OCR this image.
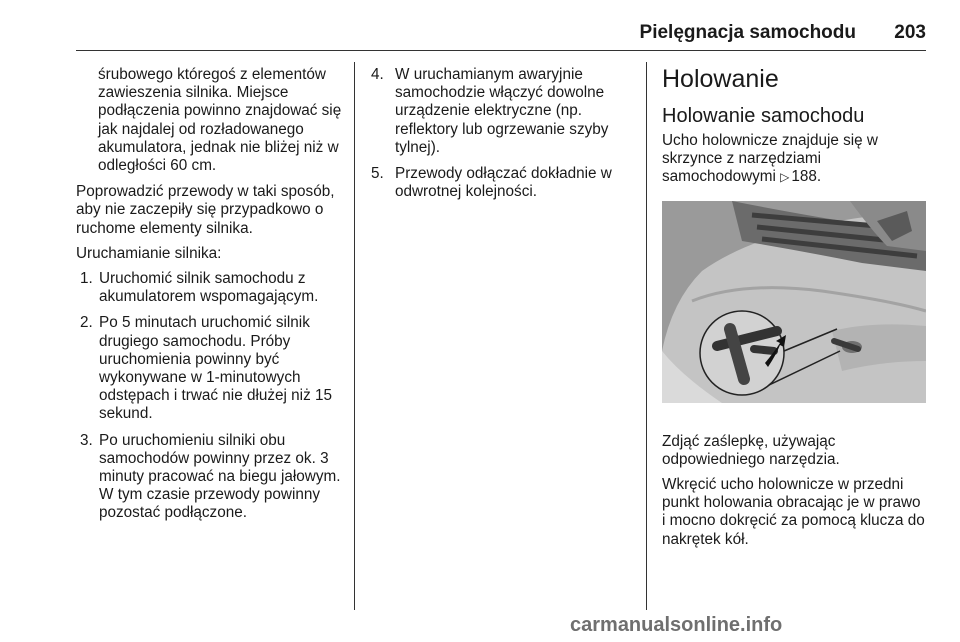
Pielęgnacja samochodu 203

śrubowego któregoś z elementów zawieszenia silnika. Miejsce podłączenia powinno znajdować się jak najdalej od rozładowanego akumulatora, jednak nie bliżej niż w odległości 60 cm.

Poprowadzić przewody w taki sposób, aby nie zaczepiły się przypadkowo o ruchome elementy silnika.

Uruchamianie silnika:

1. Uruchomić silnik samochodu z akumulatorem wspomagającym.
2. Po 5 minutach uruchomić silnik drugiego samochodu. Próby uruchomienia powinny być wykonywane w 1-minutowych odstępach i trwać nie dłużej niż 15 sekund.
3. Po uruchomieniu silniki obu samochodów powinny przez ok. 3 minuty pracować na biegu jałowym. W tym czasie przewody powinny pozostać podłączone.
4. W uruchamianym awaryjnie samochodzie włączyć dowolne urządzenie elektryczne (np. reflektory lub ogrzewanie szyby tylnej).
5. Przewody odłączać dokładnie w odwrotnej kolejności.
Holowanie
Holowanie samochodu

Ucho holownicze znajduje się w skrzynce z narzędziami samochodowymi ▷ 188.

Zdjąć zaślepkę, używając odpowiedniego narzędzia.

Wkręcić ucho holownicze w przedni punkt holowania obracając je w prawo i mocno dokręcić za pomocą klucza do nakrętek kół.

carmanualsonline.info
